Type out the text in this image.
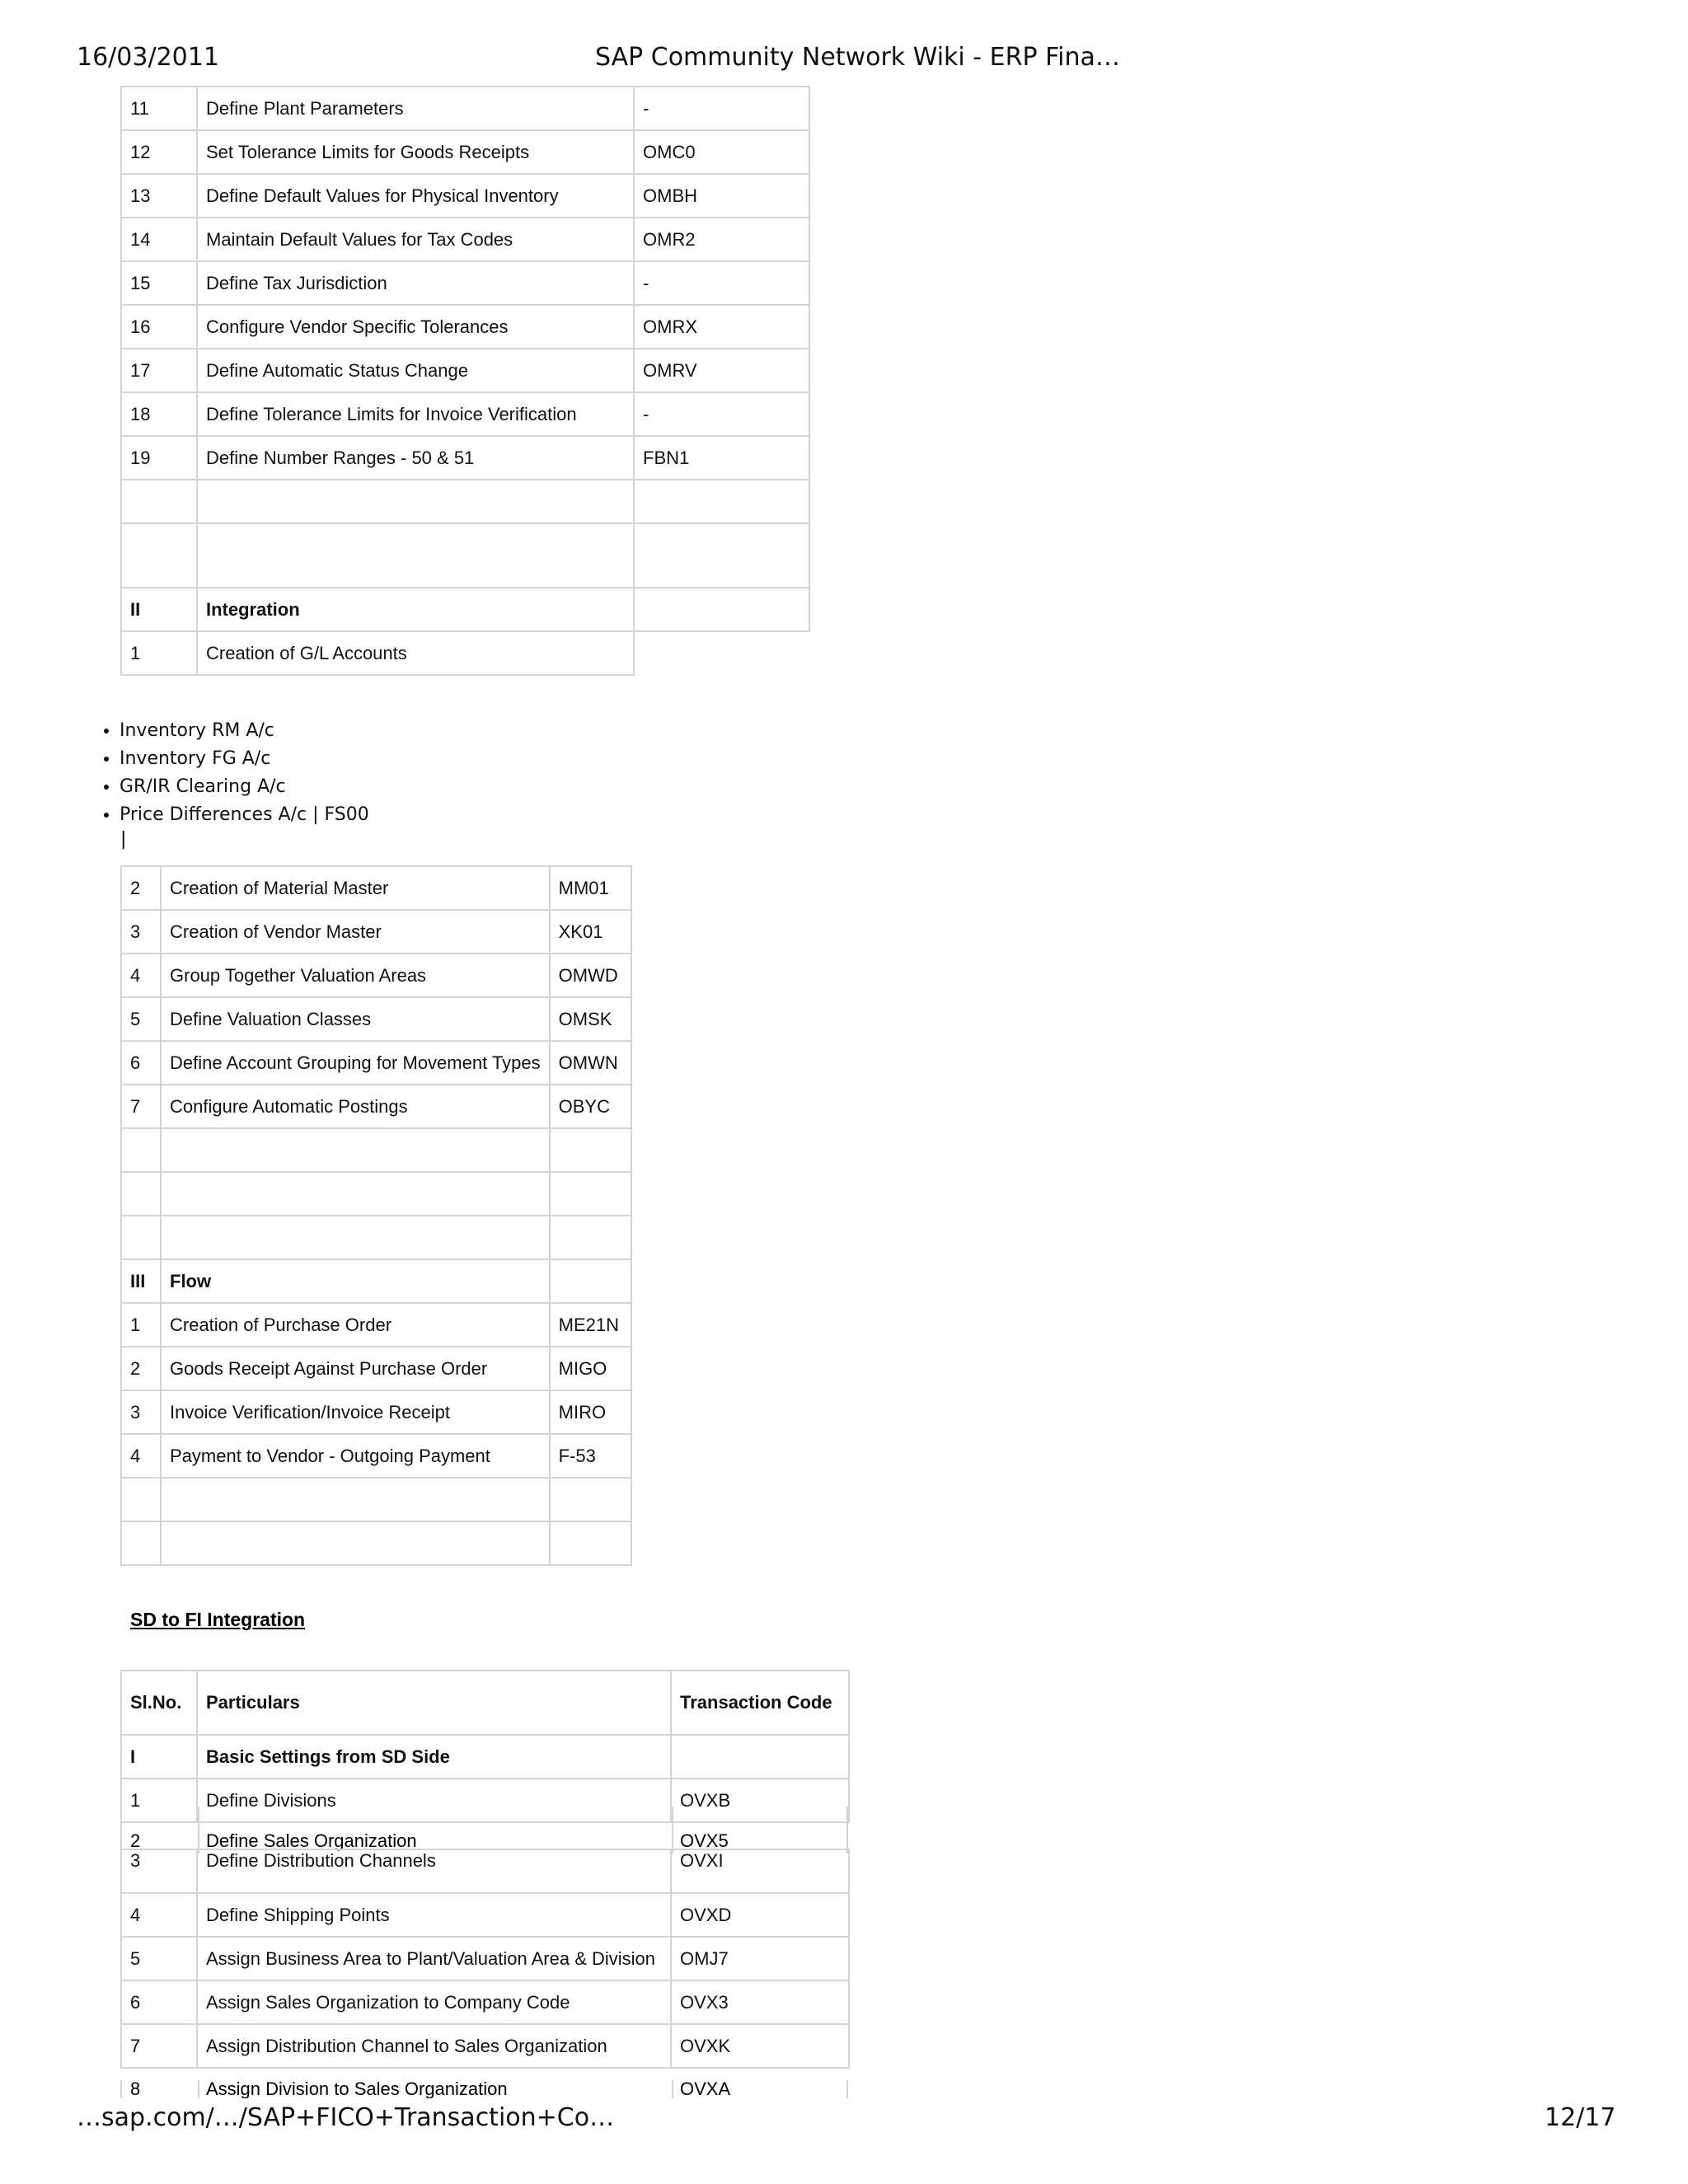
16/03/2011	SAP Community Network Wiki - ERP Fina…
11	Define Plant Parameters	-
12	Set Tolerance Limits for Goods Receipts	OMC0
13	Define Default Values for Physical Inventory	OMBH
14	Maintain Default Values for Tax Codes	OMR2
15	Define Tax Jurisdiction	-
16	Configure Vendor Specific Tolerances	OMRX
17	Define Automatic Status Change	OMRV
18	Define Tolerance Limits for Invoice Verification	-
19	Define Number Ranges - 50 & 51	FBN1

II	Integration	
1	Creation of G/L Accounts	
• Inventory RM A/c
• Inventory FG A/c
• GR/IR Clearing A/c
• Price Differences A/c | FS00
|
2	Creation of Material Master	MM01
3	Creation of Vendor Master	XK01
4	Group Together Valuation Areas	OMWD
5	Define Valuation Classes	OMSK
6	Define Account Grouping for Movement Types	OMWN
7	Configure Automatic Postings	OBYC

III	Flow	
1	Creation of Purchase Order	ME21N
2	Goods Receipt Against Purchase Order	MIGO
3	Invoice Verification/Invoice Receipt	MIRO
4	Payment to Vendor - Outgoing Payment	F-53

SD to FI Integration
Sl.No.	Particulars	Transaction Code
I	Basic Settings from SD Side	
1	Define Divisions	OVXB
2	Define Sales Organization	OVX5
3	Define Distribution Channels	OVXI
4	Define Shipping Points	OVXD
5	Assign Business Area to Plant/Valuation Area & Division	OMJ7
6	Assign Sales Organization to Company Code	OVX3
7	Assign Distribution Channel to Sales Organization	OVXK
8	Assign Division to Sales Organization	OVXA
…sap.com/…/SAP+FICO+Transaction+Co…	12/17
